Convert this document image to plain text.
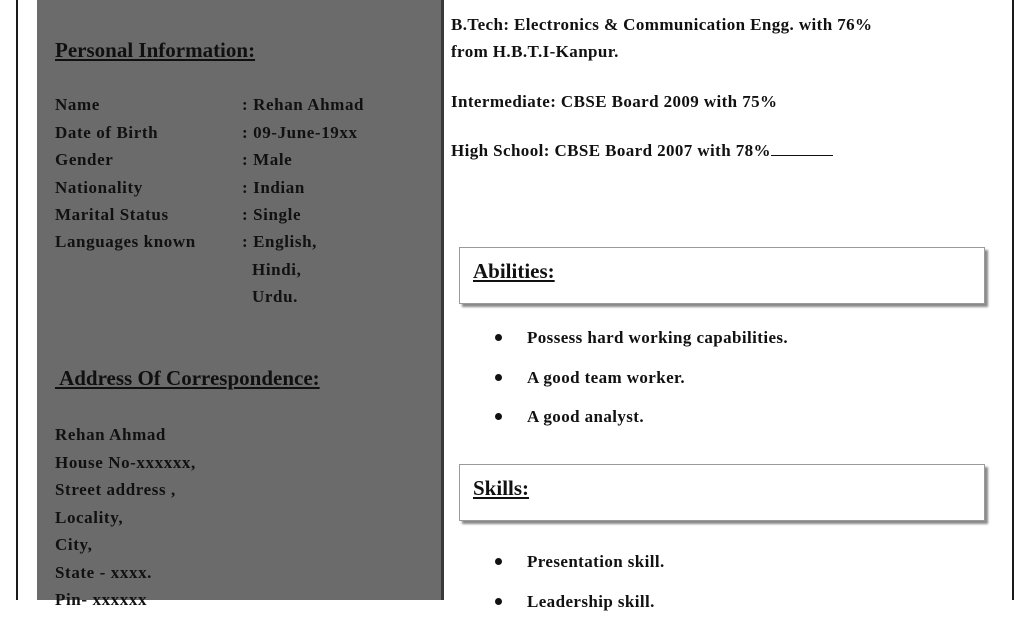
Personal Information:
Name	: Rehan Ahmad
Date of Birth	: 09-June-19xx
Gender	: Male
Nationality	: Indian
Marital Status	: Single
Languages known	: English,
Hindi,
Urdu.
Address Of Correspondence:
Rehan Ahmad
House No-xxxxxx,
Street address ,
Locality,
City,
State - xxxx.
Pin- xxxxxx
B.Tech: Electronics & Communication Engg. with 76%
from H.B.T.I-Kanpur.
Intermediate: CBSE Board 2009 with 75%
High School: CBSE Board 2007 with 78%
Abilities:
Possess hard working capabilities.
A good team worker.
A good analyst.
Skills:
Presentation skill.
Leadership skill.
